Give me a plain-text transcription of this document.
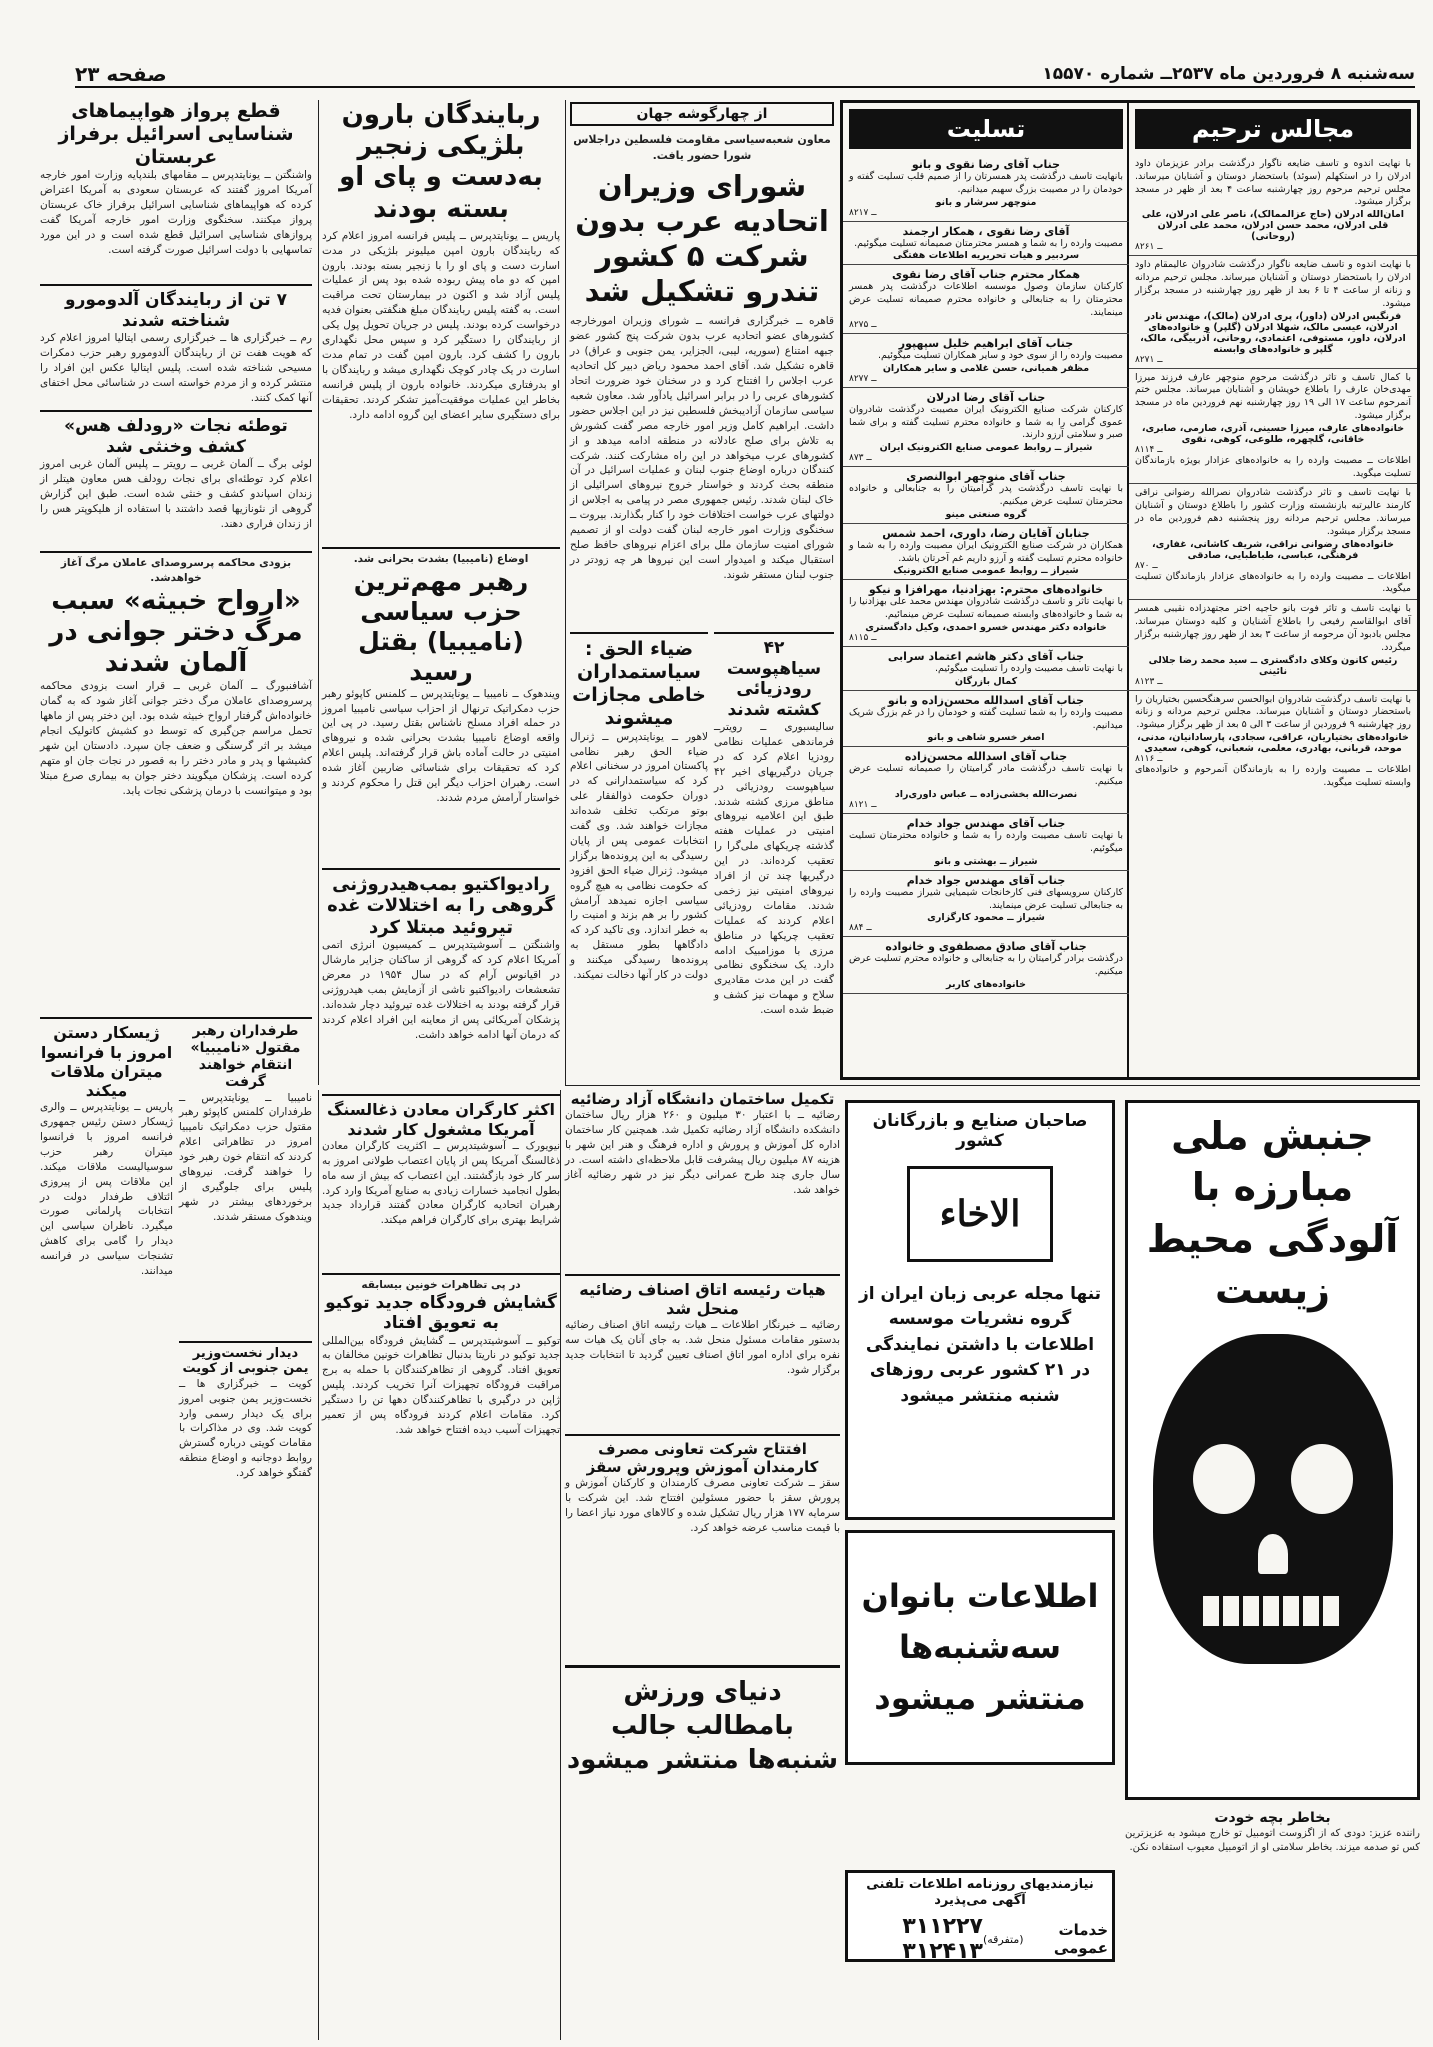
سه‌شنبه ۸ فروردین ماه ۲۵۳۷ــ شماره ۱۵۵۷۰
صفحه ۲۳
مجالس ترحیم
با نهایت اندوه و تاسف ضایعه ناگوار درگذشت برادر عزیزمان داود ادرلان را در استکهلم (سوئد) باستحضار دوستان و آشنایان میرساند. مجلس ترحیم مرحوم روز چهارشنبه ساعت ۴ بعد از ظهر در مسجد برگزار میشود.
امان‌الله ادرلان (حاج عزالممالک)، ناصر علی ادرلان، علی قلی ادرلان، محمد حسن ادرلان، محمد علی ادرلان (روحانی)
۸ــ ۲۶۱
با نهایت اندوه و تاسف ضایعه ناگوار درگذشت شادروان عالیمقام داود ادرلان را باستحضار دوستان و آشنایان میرساند. مجلس ترحیم مردانه و زنانه از ساعت ۴ تا ۶ بعد از ظهر روز چهارشنبه در مسجد برگزار میشود.
فرنگیس ادرلان (داور)، پری ادرلان (مالک)، مهندس نادر ادرلان، عیسی مالک، شهلا ادرلان (گلپر) و خانواده‌های ادرلان، داور، مستوفی، اعتمادی، روحانی، آذربیگی، مالک، گلپر و خانواده‌های وابسته
۸ــ ۲۷۱
با کمال تاسف و تاثر درگذشت مرحوم منوچهر عارف فرزند میرزا مهدی‌خان عارف را باطلاع خویشان و آشنایان میرساند. مجلس ختم آنمرحوم ساعت ۱۷ الی ۱۹ روز چهارشنبه نهم فروردین ماه در مسجد برگزار میشود.
خانواده‌های عارف، میرزا حسینی، آذری، صارمی، صابری، خاقانی، گلچهره، طلوعی، کوهی، نقوی
۸ــ ۱۱۴
اطلاعات ــ مصیبت وارده را به خانواده‌های عزادار بویژه بازماندگان تسلیت میگوید.
با نهایت تاسف و تاثر درگذشت شادروان نصرالله رضوانی نراقی کارمند عالیرتبه بازنشسته وزارت کشور را باطلاع دوستان و آشنایان میرساند. مجلس ترحیم مردانه روز پنجشنبه دهم فروردین ماه در مسجد برگزار میشود.
خانواده‌های رضوانی نراقی، شریف کاشانی، غفاری، فرهنگی، عباسی، طباطبایی، صادقی
۸ــ ۷۰
اطلاعات ــ مصیبت وارده را به خانواده‌های عزادار بازماندگان تسلیت میگوید.
با نهایت تاسف و تاثر فوت بانو حاجیه اختر مجتهدزاده نقیبی همسر آقای ابوالقاسم رفیعی را باطلاع آشنایان و کلیه دوستان میرساند. مجلس بادبود آن مرحومه از ساعت ۳ بعد از ظهر روز چهارشنبه برگزار میگردد.
رئیس کانون وکلای دادگستری ــ سید محمد رضا جلالی نائینی
۸ــ ۱۲۳
با نهایت تاسف درگذشت شادروان ابوالحسن سرهنگحسین بختیاریان را باستحضار دوستان و آشنایان میرساند. مجلس ترحیم مردانه و زنانه روز چهارشنبه ۹ فروردین از ساعت ۳ الی ۵ بعد از ظهر برگزار میشود.
خانواده‌های بختیاریان، عراقی، سجادی، پارسادانیان، مدنی، موحد، قربانی، بهادری، معلمی، شعبانی، کوهی، سعیدی
۸ــ ۱۱۶
اطلاعات ــ مصیبت وارده را به بازماندگان آنمرحوم و خانواده‌های وابسته تسلیت میگوید.
تسلیت
جناب آقای رضا نقوی و بانو
بانهایت تاسف درگذشت پدر همسرتان را از صمیم قلب تسلیت گفته و خودمان را در مصیبت بزرگ سهیم میدانیم.
منوچهر سرشار و بانو
۸ــ ۲۱۷
آقای رضا نقوی ، همکار ارجمند
مصیبت وارده را به شما و همسر محترمتان صمیمانه تسلیت میگوئیم.
سردبیر و هیات تحریریه اطلاعات هفتگی
همکار محترم جناب آقای رضا نقوی
کارکنان سازمان وصول موسسه اطلاعات درگذشت پدر همسر محترمتان را به جنابعالی و خانواده محترم صمیمانه تسلیت عرض مینمایند.
۸ــ ۲۷۵
جناب آقای ابراهیم خلیل سپهپور
مصیبت وارده را از سوی خود و سایر همکاران تسلیت میگوئیم.
مظفر همیانی، حسن غلامی و سایر همکاران
۸ــ ۲۷۷
جناب آقای رضا ادرلان
کارکنان شرکت صنایع الکترونیک ایران مصیبت درگذشت شادروان عموی گرامی را به شما و خانواده محترم تسلیت گفته و برای شما صبر و سلامتی آرزو دارند.
شیراز ــ روابط عمومی صنایع الکترونیک ایران
۸ــ ۷۳
جناب آقای منوچهر ابوالنصری
با نهایت تاسف درگذشت پدر گرامیتان را به جنابعالی و خانواده محترمتان تسلیت عرض میکنیم.
گروه صنعتی مینو
جنابان آقایان رضا، داوری، احمد شمس
همکاران در شرکت صنایع الکترونیک ایران مصیبت وارده را به شما و خانواده محترم تسلیت گفته و آرزو داریم غم آخرتان باشد.
شیراز ــ روابط عمومی صنایع الکترونیک
خانواده‌های محترم: بهزادنیا، مهرافزا و نیکو
با نهایت تاثر و تاسف درگذشت شادروان مهندس محمد علی بهزادنیا را به شما و خانواده‌های وابسته صمیمانه تسلیت عرض مینمائیم.
خانواده دکتر مهندس خسرو احمدی، وکیل دادگستری
۸ــ ۱۱۵
جناب آقای دکتر هاشم اعتماد سرابی
با نهایت تاسف مصیبت وارده را تسلیت میگوئیم.
کمال بازرگان
جناب آقای اسدالله محسن‌زاده و بانو
مصیبت وارده را به شما تسلیت گفته و خودمان را در غم بزرگ شریک میدانیم.
اصغر خسرو شاهی و بانو
جناب آقای اسدالله محسن‌زاده
با نهایت تاسف درگذشت مادر گرامیتان را صمیمانه تسلیت عرض میکنیم.
نصرت‌الله بخشی‌زاده ــ عباس داوری‌راد
۸ــ ۱۲۱
جناب آقای مهندس جواد خدام
با نهایت تاسف مصیبت وارده را به شما و خانواده محترمتان تسلیت میگوئیم.
شیراز ــ بهشتی و بانو
جناب آقای مهندس جواد خدام
کارکنان سرویسهای فنی کارخانجات شیمیایی شیراز مصیبت وارده را به جنابعالی تسلیت عرض مینمایند.
شیراز ــ محمود کارگزاری
۸ــ ۸۴
جناب آقای صادق مصطفوی و خانواده
درگذشت برادر گرامیتان را به جنابعالی و خانواده محترم تسلیت عرض میکنیم.
خانواده‌های کاربر
از چهارگوشه جهان
معاون شعبه‌سیاسی مقاومت فلسطین دراجلاس شورا حضور یافت.
شورای وزیران اتحادیه عرب بدون شرکت ۵ کشور تندرو تشکیل شد
قاهره ــ خبرگزاری فرانسه ــ شورای وزیران امورخارجه کشورهای عضو اتحادیه عرب بدون شرکت پنج کشور عضو جبهه امتناع (سوریه، لیبی، الجزایر، یمن جنوبی و عراق) در قاهره تشکیل شد. آقای احمد محمود ریاض دبیر کل اتحادیه عرب اجلاس را افتتاح کرد و در سخنان خود ضرورت اتحاد کشورهای عربی را در برابر اسرائیل یادآور شد. معاون شعبه سیاسی سازمان آزادیبخش فلسطین نیز در این اجلاس حضور داشت. ابراهیم کامل وزیر امور خارجه مصر گفت کشورش به تلاش برای صلح عادلانه در منطقه ادامه میدهد و از کشورهای عرب میخواهد در این راه مشارکت کنند. شرکت کنندگان درباره اوضاع جنوب لبنان و عملیات اسرائیل در آن منطقه بحث کردند و خواستار خروج نیروهای اسرائیلی از خاک لبنان شدند. رئیس جمهوری مصر در پیامی به اجلاس از دولتهای عرب خواست اختلافات خود را کنار بگذارند. بیروت ــ سخنگوی وزارت امور خارجه لبنان گفت دولت او از تصمیم شورای امنیت سازمان ملل برای اعزام نیروهای حافظ صلح استقبال میکند و امیدوار است این نیروها هر چه زودتر در جنوب لبنان مستقر شوند.
۴۲ سیاهپوست رودزیائی کشته شدند
سالیسبوری ــ رویترــ فرماندهی عملیات نظامی رودزیا اعلام کرد که در جریان درگیریهای اخیر ۴۲ سیاهپوست رودزیائی در مناطق مرزی کشته شدند. طبق این اعلامیه نیروهای امنیتی در عملیات هفته گذشته چریکهای ملی‌گرا را تعقیب کرده‌اند. در این درگیریها چند تن از افراد نیروهای امنیتی نیز زخمی شدند. مقامات رودزیائی اعلام کردند که عملیات تعقیب چریکها در مناطق مرزی با موزامبیک ادامه دارد. یک سخنگوی نظامی گفت در این مدت مقادیری سلاح و مهمات نیز کشف و ضبط شده است.
ضیاء الحق : سیاستمداران خاطی مجازات میشوند
لاهور ــ یونایتدپرس ــ ژنرال ضیاء الحق رهبر نظامی پاکستان امروز در سخنانی اعلام کرد که سیاستمدارانی که در دوران حکومت ذوالفقار علی بوتو مرتکب تخلف شده‌اند مجازات خواهند شد. وی گفت انتخابات عمومی پس از پایان رسیدگی به این پرونده‌ها برگزار میشود. ژنرال ضیاء الحق افزود که حکومت نظامی به هیچ گروه سیاسی اجازه نمیدهد آرامش کشور را بر هم بزند و امنیت را به خطر اندازد. وی تاکید کرد که دادگاهها بطور مستقل به پرونده‌ها رسیدگی میکنند و دولت در کار آنها دخالت نمیکند.
ربایندگان بارون بلژیکی زنجیر به‌دست و پای او بسته بودند
پاریس ــ یونایتدپرس ــ پلیس فرانسه امروز اعلام کرد که ربایندگان بارون امپن میلیونر بلژیکی در مدت اسارت دست و پای او را با زنجیر بسته بودند. بارون امپن که دو ماه پیش ربوده شده بود پس از عملیات پلیس آزاد شد و اکنون در بیمارستان تحت مراقبت است. به گفته پلیس ربایندگان مبلغ هنگفتی بعنوان فدیه درخواست کرده بودند. پلیس در جریان تحویل پول یکی از ربایندگان را دستگیر کرد و سپس محل نگهداری بارون را کشف کرد. بارون امپن گفت در تمام مدت اسارت در یک چادر کوچک نگهداری میشد و ربایندگان با او بدرفتاری میکردند. خانواده بارون از پلیس فرانسه بخاطر این عملیات موفقیت‌آمیز تشکر کردند. تحقیقات برای دستگیری سایر اعضای این گروه ادامه دارد.
اوضاع (نامیبیا) بشدت بحرانی شد.
رهبر مهم‌ترین حزب سیاسی (نامیبیا) بقتل رسید
ویندهوک ــ نامیبیا ــ یونایتدپرس ــ کلمنس کاپوئو رهبر حزب دمکراتیک ترنهال از احزاب سیاسی نامیبیا امروز در حمله افراد مسلح ناشناس بقتل رسید. در پی این واقعه اوضاع نامیبیا بشدت بحرانی شده و نیروهای امنیتی در حالت آماده باش قرار گرفته‌اند. پلیس اعلام کرد که تحقیقات برای شناسائی ضاربین آغاز شده است. رهبران احزاب دیگر این قتل را محکوم کردند و خواستار آرامش مردم شدند.
رادیواکتیو بمب‌هیدروژنی گروهی را به اختلالات غده تیروئید مبتلا کرد
واشنگتن ــ آسوشیتدپرس ــ کمیسیون انرژی اتمی آمریکا اعلام کرد که گروهی از ساکنان جزایر مارشال در اقیانوس آرام که در سال ۱۹۵۴ در معرض تشعشعات رادیواکتیو ناشی از آزمایش بمب هیدروژنی قرار گرفته بودند به اختلالات غده تیروئید دچار شده‌اند. پزشکان آمریکائی پس از معاینه این افراد اعلام کردند که درمان آنها ادامه خواهد داشت.
اکثر کارگران معادن ذغالسنگ آمریکا مشغول کار شدند
نیویورک ــ آسوشیتدپرس ــ اکثریت کارگران معادن ذغالسنگ آمریکا پس از پایان اعتصاب طولانی امروز به سر کار خود بازگشتند. این اعتصاب که بیش از سه ماه بطول انجامید خسارات زیادی به صنایع آمریکا وارد کرد. رهبران اتحادیه کارگران معادن گفتند قرارداد جدید شرایط بهتری برای کارگران فراهم میکند.
در پی تظاهرات خونین بیسابقه
گشایش فرودگاه جدید توکیو به تعویق افتاد
توکیو ــ آسوشیتدپرس ــ گشایش فرودگاه بین‌المللی جدید توکیو در ناریتا بدنبال تظاهرات خونین مخالفان به تعویق افتاد. گروهی از تظاهرکنندگان با حمله به برج مراقبت فرودگاه تجهیزات آنرا تخریب کردند. پلیس ژاپن در درگیری با تظاهرکنندگان دهها تن را دستگیر کرد. مقامات اعلام کردند فرودگاه پس از تعمیر تجهیزات آسیب دیده افتتاح خواهد شد.
قطع پرواز هواپیماهای شناسایی اسرائیل برفراز عربستان
واشنگتن ــ یونایتدپرس ــ مقامهای بلندپایه وزارت امور خارجه آمریکا امروز گفتند که عربستان سعودی به آمریکا اعتراض کرده که هواپیماهای شناسایی اسرائیل برفراز خاک عربستان پرواز میکنند. سخنگوی وزارت امور خارجه آمریکا گفت پروازهای شناسایی اسرائیل قطع شده است و در این مورد تماسهایی با دولت اسرائیل صورت گرفته است.
۷ تن از ربایندگان آلدومورو شناخته شدند
رم ــ خبرگزاری ها ــ خبرگزاری رسمی ایتالیا امروز اعلام کرد که هویت هفت تن از ربایندگان آلدومورو رهبر حزب دمکرات مسیحی شناخته شده است. پلیس ایتالیا عکس این افراد را منتشر کرده و از مردم خواسته است در شناسائی محل اختفای آنها کمک کنند.
توطئه نجات «رودلف هس» کشف وخنثی شد
لوئی برگ ــ آلمان غربی ــ رویتر ــ پلیس آلمان غربی امروز اعلام کرد توطئه‌ای برای نجات رودلف هس معاون هیتلر از زندان اسپاندو کشف و خنثی شده است. طبق این گزارش گروهی از نئونازیها قصد داشتند با استفاده از هلیکوپتر هس را از زندان فراری دهند.
بزودی محاکمه پرسروصدای عاملان مرگ آغاز خواهدشد.
«ارواح خبیثه» سبب مرگ دختر جوانی در آلمان شدند
آشافنبورگ ــ آلمان غربی ــ قرار است بزودی محاکمه پرسروصدای عاملان مرگ دختر جوانی آغاز شود که به گمان خانواده‌اش گرفتار ارواح خبیثه شده بود. این دختر پس از ماهها تحمل مراسم جن‌گیری که توسط دو کشیش کاتولیک انجام میشد بر اثر گرسنگی و ضعف جان سپرد. دادستان این شهر کشیشها و پدر و مادر دختر را به قصور در نجات جان او متهم کرده است. پزشکان میگویند دختر جوان به بیماری صرع مبتلا بود و میتوانست با درمان پزشکی نجات یابد.
طرفداران رهبر مقتول «نامیبیا» انتقام خواهند گرفت
نامیبیا ــ یونایتدپرس ــ طرفداران کلمنس کاپوئو رهبر مقتول حزب دمکراتیک نامیبیا امروز در تظاهراتی اعلام کردند که انتقام خون رهبر خود را خواهند گرفت. نیروهای پلیس برای جلوگیری از برخوردهای بیشتر در شهر ویندهوک مستقر شدند.
دیدار نخست‌وزیر یمن جنوبی از کویت
کویت ــ خبرگزاری ها ــ نخست‌وزیر یمن جنوبی امروز برای یک دیدار رسمی وارد کویت شد. وی در مذاکرات با مقامات کویتی درباره گسترش روابط دوجانبه و اوضاع منطقه گفتگو خواهد کرد.
ژیسکار دستن امروز با فرانسوا میتران ملاقات میکند
پاریس ــ یونایتدپرس ــ والری ژیسکار دستن رئیس جمهوری فرانسه امروز با فرانسوا میتران رهبر حزب سوسیالیست ملاقات میکند. این ملاقات پس از پیروزی ائتلاف طرفدار دولت در انتخابات پارلمانی صورت میگیرد. ناظران سیاسی این دیدار را گامی برای کاهش تشنجات سیاسی در فرانسه میدانند.
تکمیل ساختمان دانشگاه آزاد رضائیه
رضائیه ــ با اعتبار ۳۰ میلیون و ۲۶۰ هزار ریال ساختمان دانشکده دانشگاه آزاد رضائیه تکمیل شد. همچنین کار ساختمان اداره کل آموزش و پرورش و اداره فرهنگ و هنر این شهر با هزینه ۸۷ میلیون ریال پیشرفت قابل ملاحظه‌ای داشته است. در سال جاری چند طرح عمرانی دیگر نیز در شهر رضائیه آغاز خواهد شد.
هیات رئیسه اتاق اصناف رضائیه منحل شد
رضائیه ــ خبرنگار اطلاعات ــ هیات رئیسه اتاق اصناف رضائیه بدستور مقامات مسئول منحل شد. به جای آنان یک هیات سه نفره برای اداره امور اتاق اصناف تعیین گردید تا انتخابات جدید برگزار شود.
افتتاح شرکت تعاونی مصرف کارمندان آموزش وپرورش سقز
سقز ــ شرکت تعاونی مصرف کارمندان و کارکنان آموزش و پرورش سقز با حضور مسئولین افتتاح شد. این شرکت با سرمایه ۱۷۷ هزار ریال تشکیل شده و کالاهای مورد نیاز اعضا را با قیمت مناسب عرضه خواهد کرد.
دنیای ورزش بامطالب جالب شنبه‌ها منتشر میشود
صاحبان صنایع و بازرگانان کشور
الاخاء
تنها مجله عربی زبان ایران از گروه نشریات موسسه اطلاعات با داشتن نمایندگی در ۲۱ کشور عربی روزهای شنبه منتشر میشود
اطلاعات بانوان سه‌شنبه‌ها منتشر میشود
نیازمندیهای روزنامه اطلاعات تلفنی آگهی می‌پذیرد
خدمات عمومی
(متفرقه)
۳۱۱۲۲۷ ۳۱۲۴۱۳
جنبش ملی مبارزه با آلودگی محیط زیست
بخاطر بچه خودت
راننده عزیز: دودی که از اگزوست اتومبیل تو خارج میشود به عزیزترین کس تو صدمه میزند. بخاطر سلامتی او از اتومبیل معیوب استفاده نکن.
